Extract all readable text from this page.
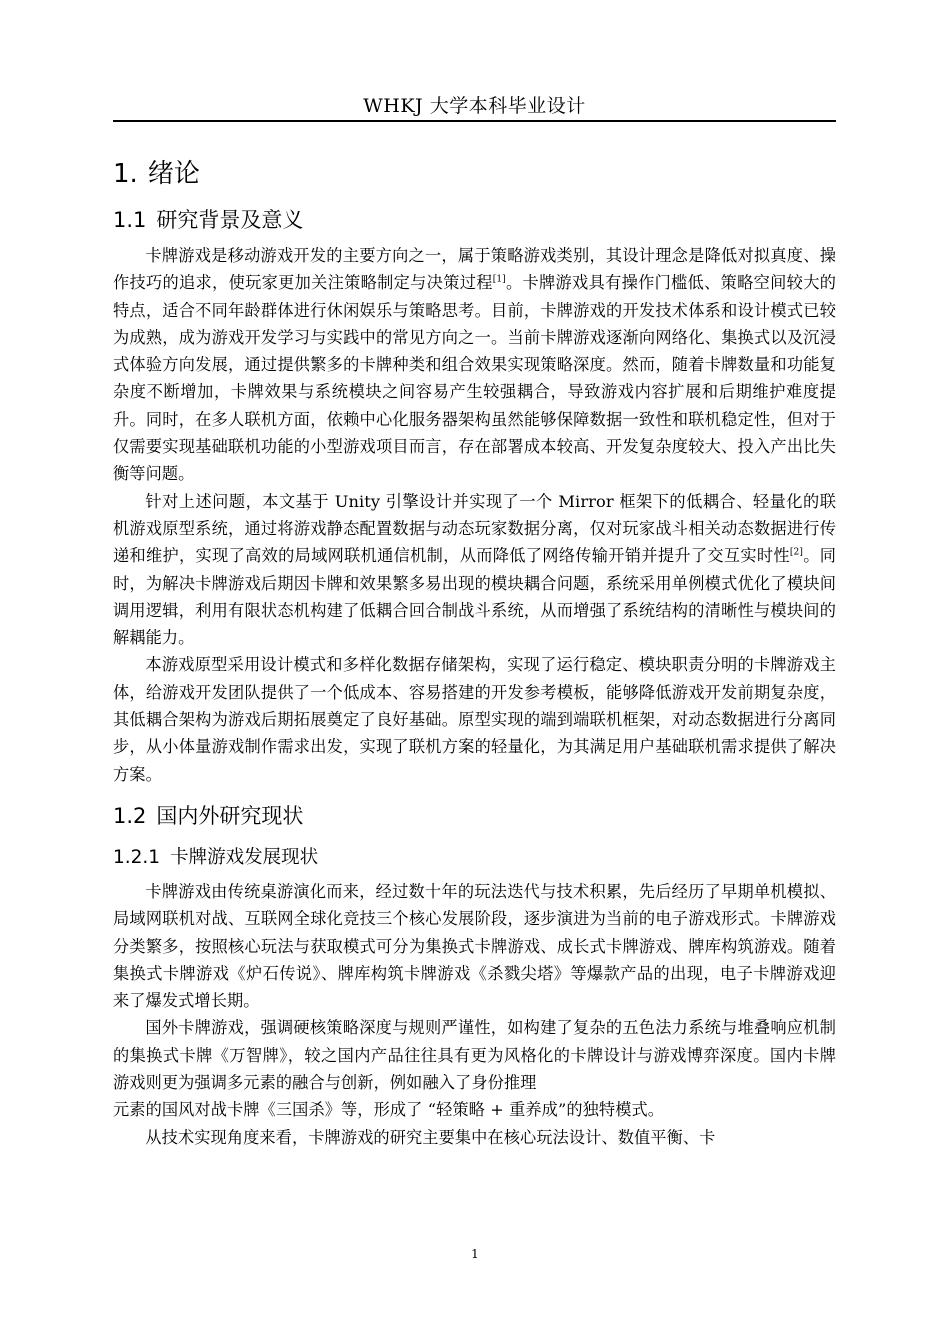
WHKJ 大学本科毕业设计
1. 绪论
1.1 研究背景及意义

卡牌游戏是移动游戏开发的主要方向之一，属于策略游戏类别，其设计理念是降低对拟真度、操作技巧的追求，使玩家更加关注策略制定与决策过程[1]。卡牌游戏具有操作门槛低、策略空间较大的特点，适合不同年龄群体进行休闲娱乐与策略思考。目前，卡牌游戏的开发技术体系和设计模式已较为成熟，成为游戏开发学习与实践中的常见方向之一。当前卡牌游戏逐渐向网络化、集换式以及沉浸式体验方向发展，通过提供繁多的卡牌种类和组合效果实现策略深度。然而，随着卡牌数量和功能复杂度不断增加，卡牌效果与系统模块之间容易产生较强耦合，导致游戏内容扩展和后期维护难度提升。同时，在多人联机方面，依赖中心化服务器架构虽然能够保障数据一致性和联机稳定性，但对于仅需要实现基础联机功能的小型游戏项目而言，存在部署成本较高、开发复杂度较大、投入产出比失衡等问题。

针对上述问题，本文基于 Unity 引擎设计并实现了一个 Mirror 框架下的低耦合、轻量化的联机游戏原型系统，通过将游戏静态配置数据与动态玩家数据分离，仅对玩家战斗相关动态数据进行传递和维护，实现了高效的局域网联机通信机制，从而降低了网络传输开销并提升了交互实时性[2]。同时，为解决卡牌游戏后期因卡牌和效果繁多易出现的模块耦合问题，系统采用单例模式优化了模块间调用逻辑，利用有限状态机构建了低耦合回合制战斗系统，从而增强了系统结构的清晰性与模块间的解耦能力。

本游戏原型采用设计模式和多样化数据存储架构，实现了运行稳定、模块职责分明的卡牌游戏主体，给游戏开发团队提供了一个低成本、容易搭建的开发参考模板，能够降低游戏开发前期复杂度，其低耦合架构为游戏后期拓展奠定了良好基础。原型实现的端到端联机框架，对动态数据进行分离同步，从小体量游戏制作需求出发，实现了联机方案的轻量化，为其满足用户基础联机需求提供了解决方案。

1.2 国内外研究现状
1.2.1 卡牌游戏发展现状

卡牌游戏由传统桌游演化而来，经过数十年的玩法迭代与技术积累，先后经历了早期单机模拟、局域网联机对战、互联网全球化竞技三个核心发展阶段，逐步演进为当前的电子游戏形式。卡牌游戏分类繁多，按照核心玩法与获取模式可分为集换式卡牌游戏、成长式卡牌游戏、牌库构筑游戏。随着集换式卡牌游戏《炉石传说》、牌库构筑卡牌游戏《杀戮尖塔》等爆款产品的出现，电子卡牌游戏迎来了爆发式增长期。

国外卡牌游戏，强调硬核策略深度与规则严谨性，如构建了复杂的五色法力系统与堆叠响应机制的集换式卡牌《万智牌》，较之国内产品往往具有更为风格化的卡牌设计与游戏博弈深度。国内卡牌游戏则更为强调多元素的融合与创新，例如融入了身份推理

元素的国风对战卡牌《三国杀》等，形成了 “轻策略 + 重养成”的独特模式。

从技术实现角度来看，卡牌游戏的研究主要集中在核心玩法设计、数值平衡、卡

1
